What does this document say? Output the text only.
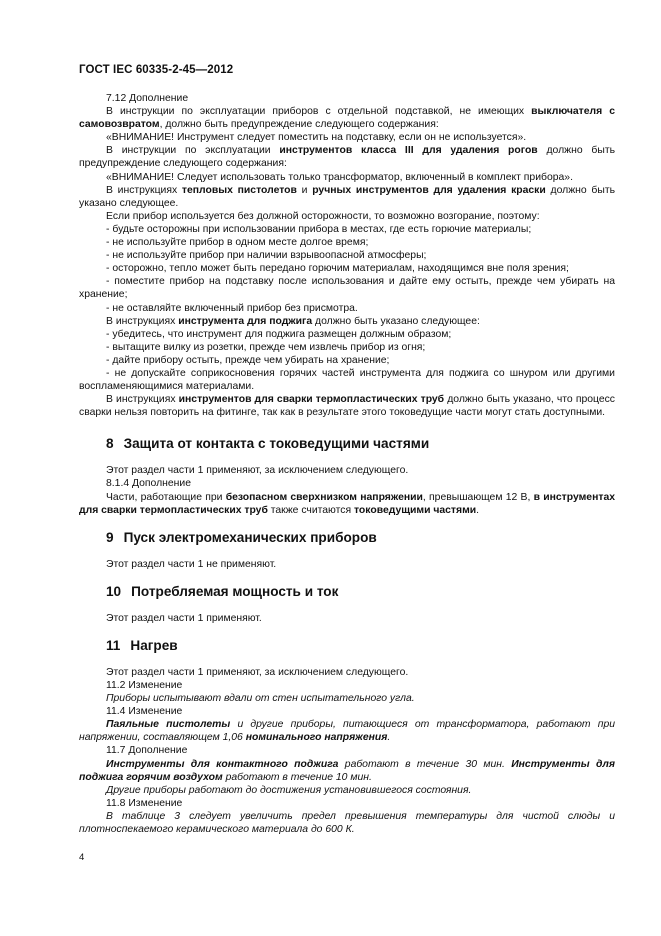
ГОСТ IEC 60335-2-45—2012

7.12 Дополнение

В инструкции по эксплуатации приборов с отдельной подставкой, не имеющих выключателя с самовозвратом, должно быть предупреждение следующего содержания:

«ВНИМАНИЕ! Инструмент следует поместить на подставку, если он не используется».

В инструкции по эксплуатации инструментов класса III для удаления рогов должно быть предупреждение следующего содержания:

«ВНИМАНИЕ! Следует использовать только трансформатор, включенный в комплект прибора».

В инструкциях тепловых пистолетов и ручных инструментов для удаления краски должно быть указано следующее.

Если прибор используется без должной осторожности, то возможно возгорание, поэтому:

- будьте осторожны при использовании прибора в местах, где есть горючие материалы;

- не используйте прибор в одном месте долгое время;

- не используйте прибор при наличии взрывоопасной атмосферы;

- осторожно, тепло может быть передано горючим материалам, находящимся вне поля зрения;

- поместите прибор на подставку после использования и дайте ему остыть, прежде чем убирать на хранение;

- не оставляйте включенный прибор без присмотра.

В инструкциях инструмента для поджига должно быть указано следующее:

- убедитесь, что инструмент для поджига размещен должным образом;

- вытащите вилку из розетки, прежде чем извлечь прибор из огня;

- дайте прибору остыть, прежде чем убирать на хранение;

- не допускайте соприкосновения горячих частей инструмента для поджига со шнуром или другими воспламеняющимися материалами.

В инструкциях инструментов для сварки термопластических труб должно быть указано, что процесс сварки нельзя повторить на фитинге, так как в результате этого токоведущие части могут стать доступными.

8 Защита от контакта с токоведущими частями

Этот раздел части 1 применяют, за исключением следующего.

8.1.4 Дополнение

Части, работающие при безопасном сверхнизком напряжении, превышающем 12 В, в инструментах для сварки термопластических труб также считаются токоведущими частями.

9 Пуск электромеханических приборов

Этот раздел части 1 не применяют.

10 Потребляемая мощность и ток

Этот раздел части 1 применяют.

11 Нагрев

Этот раздел части 1 применяют, за исключением следующего.

11.2 Изменение

Приборы испытывают вдали от стен испытательного угла.

11.4 Изменение

Паяльные пистолеты и другие приборы, питающиеся от трансформатора, работают при напряжении, составляющем 1,06 номинального напряжения.

11.7 Дополнение

Инструменты для контактного поджига работают в течение 30 мин. Инструменты для поджига горячим воздухом работают в течение 10 мин.

Другие приборы работают до достижения установившегося состояния.

11.8 Изменение

В таблице 3 следует увеличить предел превышения температуры для чистой слюды и плотноспекаемого керамического материала до 600 К.

4
